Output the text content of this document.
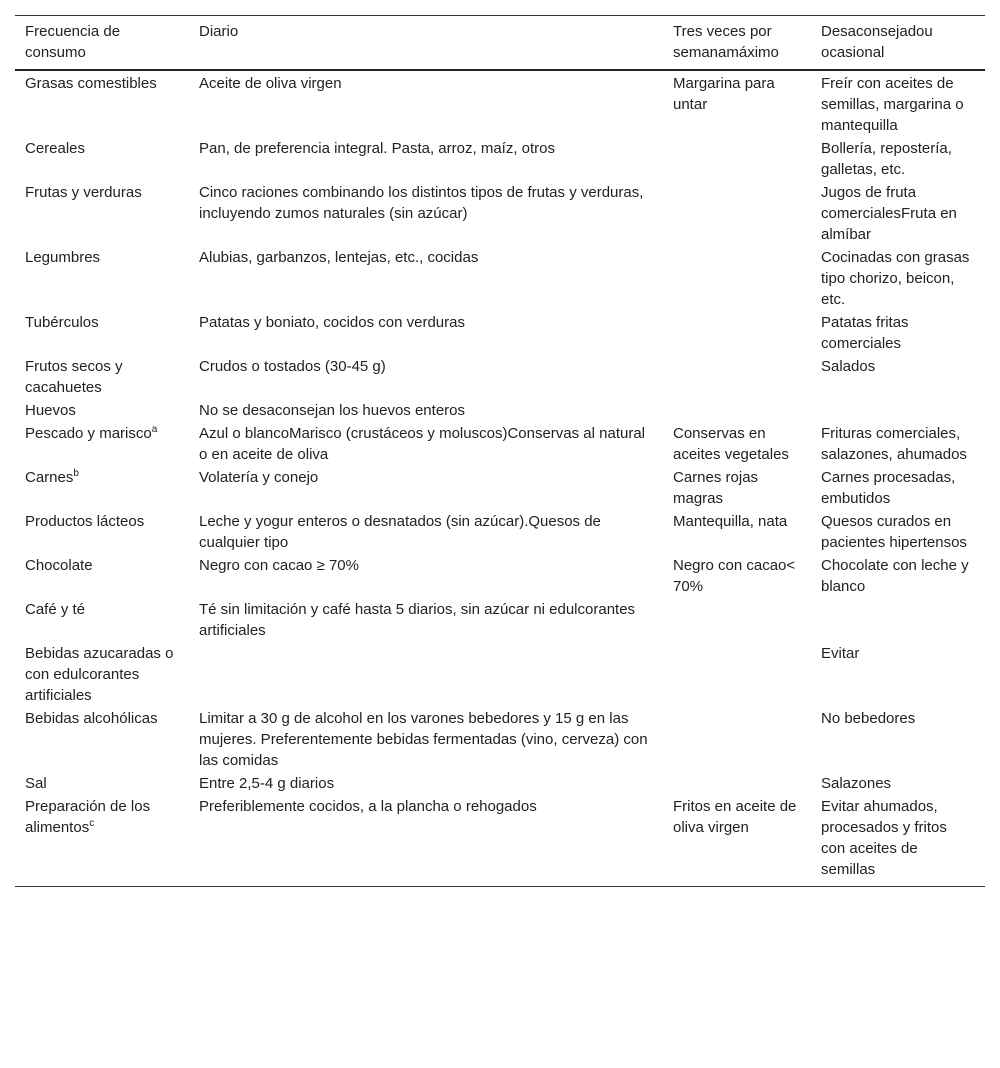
Frecuencia de consumo	Diario	Tres veces por semanamáximo	Desaconsejadou ocasional
Grasas comestibles	Aceite de oliva virgen	Margarina para untar	Freír con aceites de semillas, margarina o mantequilla
Cereales	Pan, de preferencia integral. Pasta, arroz, maíz, otros		Bollería, repostería, galletas, etc.
Frutas y verduras	Cinco raciones combinando los distintos tipos de frutas y verduras, incluyendo zumos naturales (sin azúcar)		Jugos de fruta comercialesFruta en almíbar
Legumbres	Alubias, garbanzos, lentejas, etc., cocidas		Cocinadas con grasas tipo chorizo, beicon, etc.
Tubérculos	Patatas y boniato, cocidos con verduras		Patatas fritas comerciales
Frutos secos y cacahuetes	Crudos o tostados (30-45 g)		Salados
Huevos	No se desaconsejan los huevos enteros		
Pescado y marisco$^a$	Azul o blancoMarisco (crustáceos y moluscos)Conservas al natural o en aceite de oliva	Conservas en aceites vegetales	Frituras comerciales, salazones, ahumados
Carnes$^b$	Volatería y conejo	Carnes rojas magras	Carnes procesadas, embutidos
Productos lácteos	Leche y yogur enteros o desnatados (sin azúcar).Quesos de cualquier tipo	Mantequilla, nata	Quesos curados en pacientes hipertensos
Chocolate	Negro con cacao ≥ 70%	Negro con cacao< 70%	Chocolate con leche y blanco
Café y té	Té sin limitación y café hasta 5 diarios, sin azúcar ni edulcorantes artificiales		
Bebidas azucaradas o con edulcorantes artificiales			Evitar
Bebidas alcohólicas	Limitar a 30 g de alcohol en los varones bebedores y 15 g en las mujeres. Preferentemente bebidas fermentadas (vino, cerveza) con las comidas		No bebedores
Sal	Entre 2,5-4 g diarios		Salazones
Preparación de los alimentos$^c$	Preferiblemente cocidos, a la plancha o rehogados	Fritos en aceite de oliva virgen	Evitar ahumados, procesados y fritos con aceites de semillas
